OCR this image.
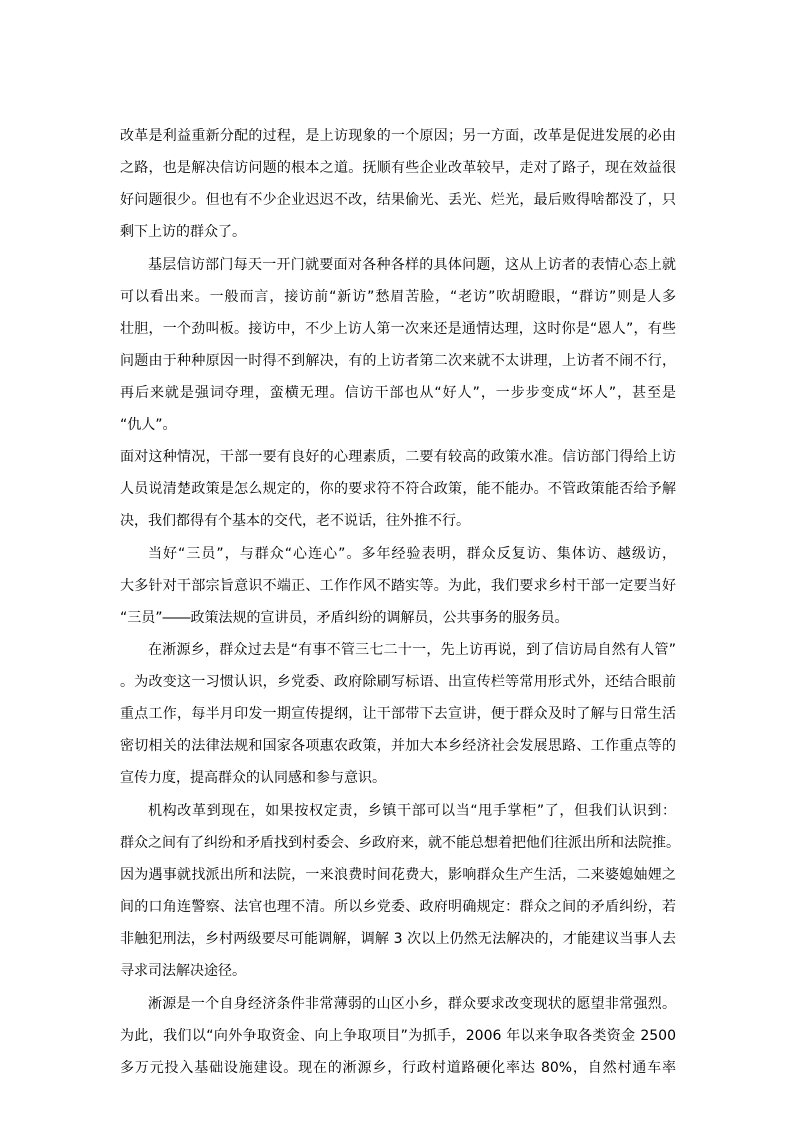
改革是利益重新分配的过程，是上访现象的一个原因；另一方面，改革是促进发展的必由
之路，也是解决信访问题的根本之道。抚顺有些企业改革较早，走对了路子，现在效益很
好问题很少。但也有不少企业迟迟不改，结果偷光、丢光、烂光，最后败得啥都没了，只
剩下上访的群众了。
基层信访部门每天一开门就要面对各种各样的具体问题，这从上访者的表情心态上就
可以看出来。一般而言，接访前“新访”愁眉苦脸，“老访”吹胡瞪眼，“群访”则是人多
壮胆，一个劲叫板。接访中，不少上访人第一次来还是通情达理，这时你是“恩人”，有些
问题由于种种原因一时得不到解决，有的上访者第二次来就不太讲理，上访者不闹不行，
再后来就是强词夺理，蛮横无理。信访干部也从“好人”，一步步变成“坏人”，甚至是
“仇人”。
面对这种情况，干部一要有良好的心理素质，二要有较高的政策水准。信访部门得给上访
人员说清楚政策是怎么规定的，你的要求符不符合政策，能不能办。不管政策能否给予解
决，我们都得有个基本的交代，老不说话，往外推不行。
当好“三员”，与群众“心连心”。多年经验表明，群众反复访、集体访、越级访，
大多针对干部宗旨意识不端正、工作作风不踏实等。为此，我们要求乡村干部一定要当好
“三员”――政策法规的宣讲员，矛盾纠纷的调解员，公共事务的服务员。
在淅源乡，群众过去是“有事不管三七二十一，先上访再说，到了信访局自然有人管”
。为改变这一习惯认识，乡党委、政府除刷写标语、出宣传栏等常用形式外，还结合眼前
重点工作，每半月印发一期宣传提纲，让干部带下去宣讲，便于群众及时了解与日常生活
密切相关的法律法规和国家各项惠农政策，并加大本乡经济社会发展思路、工作重点等的
宣传力度，提高群众的认同感和参与意识。
机构改革到现在，如果按权定责，乡镇干部可以当“甩手掌柜”了，但我们认识到：
群众之间有了纠纷和矛盾找到村委会、乡政府来，就不能总想着把他们往派出所和法院推。
因为遇事就找派出所和法院，一来浪费时间花费大，影响群众生产生活，二来婆媳妯娌之
间的口角连警察、法官也理不清。所以乡党委、政府明确规定：群众之间的矛盾纠纷，若
非触犯刑法，乡村两级要尽可能调解，调解 3 次以上仍然无法解决的，才能建议当事人去
寻求司法解决途径。
淅源是一个自身经济条件非常薄弱的山区小乡，群众要求改变现状的愿望非常强烈。
为此，我们以“向外争取资金、向上争取项目”为抓手，2006 年以来争取各类资金 2500
多万元投入基础设施建设。现在的淅源乡，行政村道路硬化率达 80%，自然村通车率
